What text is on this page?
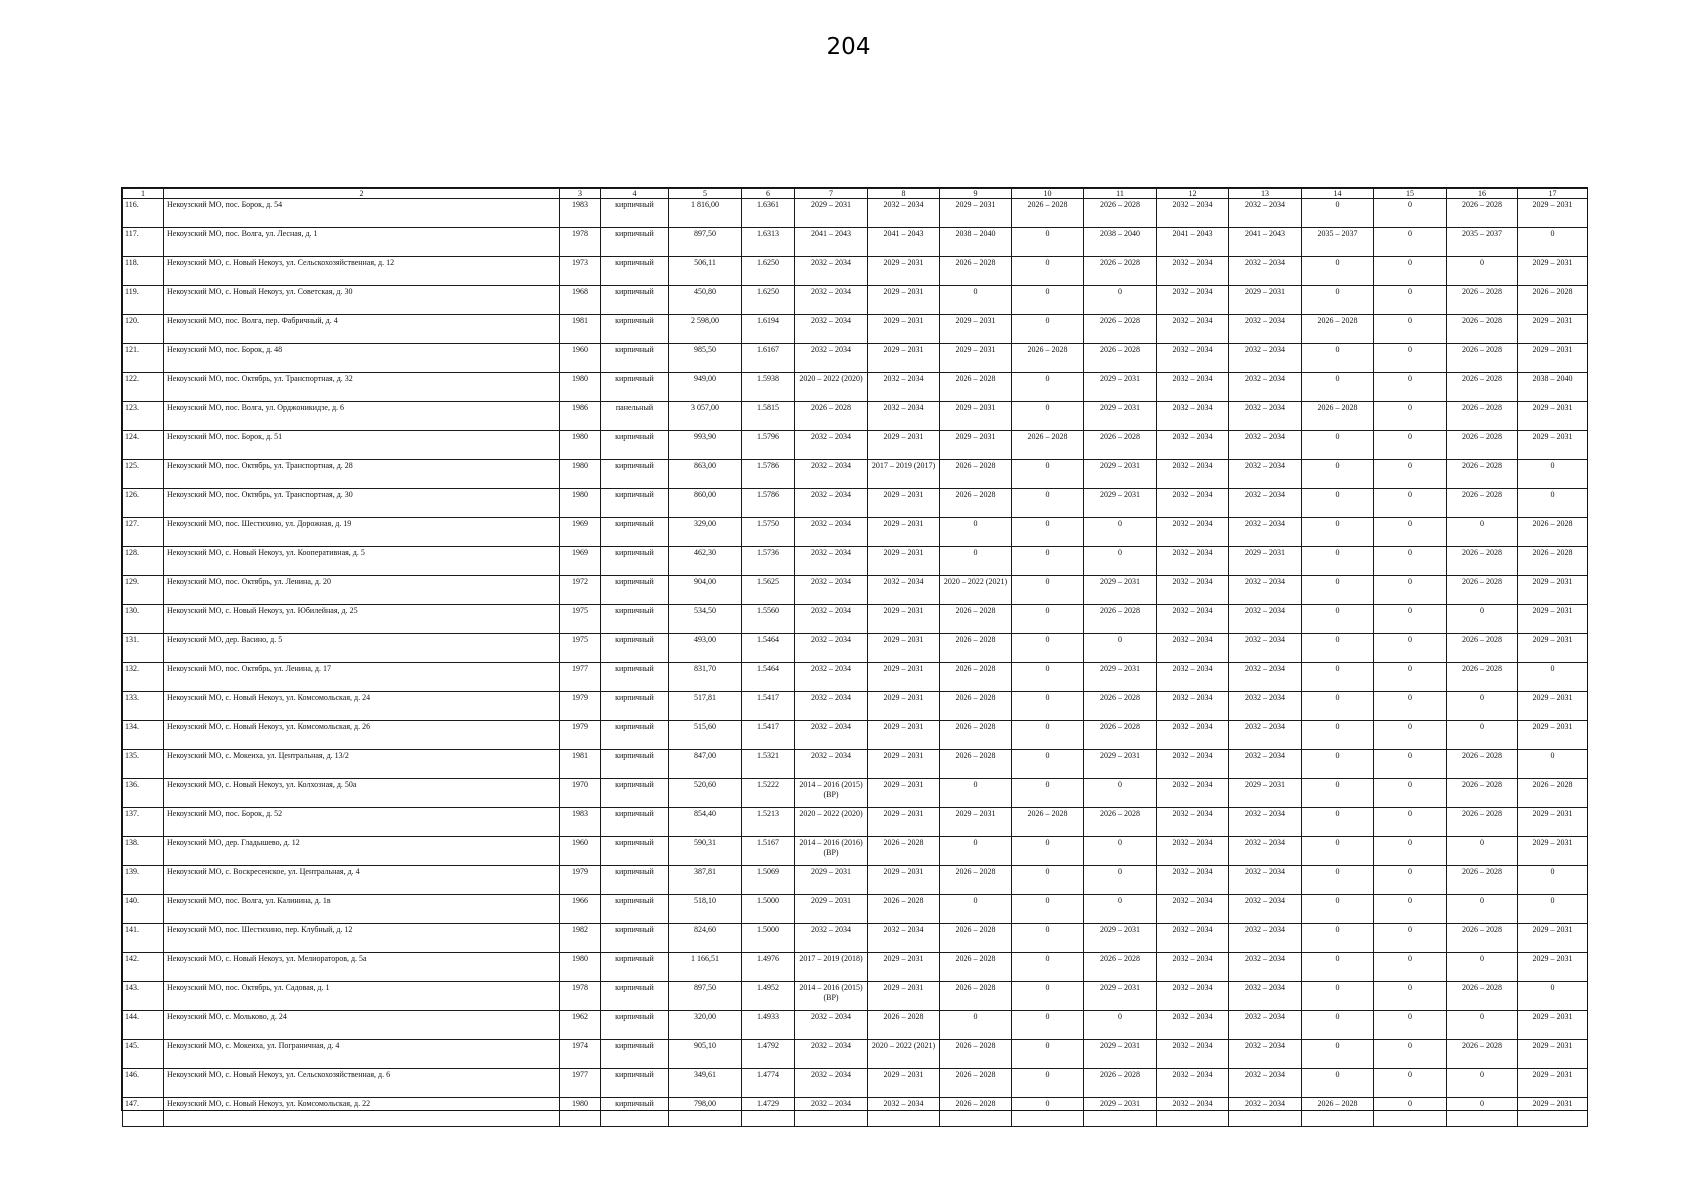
204
1	2	3	4	5	6	7	8	9	10	11	12	13	14	15	16	17
116.	Некоузский МО, пос. Борок, д. 54	1983	кирпичный	1 816,00	1.6361	2029 – 2031	2032 – 2034	2029 – 2031	2026 – 2028	2026 – 2028	2032 – 2034	2032 – 2034	0	0	2026 – 2028	2029 – 2031
117.	Некоузский МО, пос. Волга, ул. Лесная, д. 1	1978	кирпичный	897,50	1.6313	2041 – 2043	2041 – 2043	2038 – 2040	0	2038 – 2040	2041 – 2043	2041 – 2043	2035 – 2037	0	2035 – 2037	0
118.	Некоузский МО, с. Новый Некоуз, ул. Сельскохозяйственная, д. 12	1973	кирпичный	506,11	1.6250	2032 – 2034	2029 – 2031	2026 – 2028	0	2026 – 2028	2032 – 2034	2032 – 2034	0	0	0	2029 – 2031
119.	Некоузский МО, с. Новый Некоуз, ул. Советская, д. 30	1968	кирпичный	450,80	1.6250	2032 – 2034	2029 – 2031	0	0	0	2032 – 2034	2029 – 2031	0	0	2026 – 2028	2026 – 2028
120.	Некоузский МО, пос. Волга, пер. Фабричный, д. 4	1981	кирпичный	2 598,00	1.6194	2032 – 2034	2029 – 2031	2029 – 2031	0	2026 – 2028	2032 – 2034	2032 – 2034	2026 – 2028	0	2026 – 2028	2029 – 2031
121.	Некоузский МО, пос. Борок, д. 48	1960	кирпичный	985,50	1.6167	2032 – 2034	2029 – 2031	2029 – 2031	2026 – 2028	2026 – 2028	2032 – 2034	2032 – 2034	0	0	2026 – 2028	2029 – 2031
122.	Некоузский МО, пос. Октябрь, ул. Транспортная, д. 32	1980	кирпичный	949,00	1.5938	2020 – 2022 (2020)	2032 – 2034	2026 – 2028	0	2029 – 2031	2032 – 2034	2032 – 2034	0	0	2026 – 2028	2038 – 2040
123.	Некоузский МО, пос. Волга, ул. Орджоникидзе, д. 6	1986	панельный	3 057,00	1.5815	2026 – 2028	2032 – 2034	2029 – 2031	0	2029 – 2031	2032 – 2034	2032 – 2034	2026 – 2028	0	2026 – 2028	2029 – 2031
124.	Некоузский МО, пос. Борок, д. 51	1980	кирпичный	993,90	1.5796	2032 – 2034	2029 – 2031	2029 – 2031	2026 – 2028	2026 – 2028	2032 – 2034	2032 – 2034	0	0	2026 – 2028	2029 – 2031
125.	Некоузский МО, пос. Октябрь, ул. Транспортная, д. 28	1980	кирпичный	863,00	1.5786	2032 – 2034	2017 – 2019 (2017)	2026 – 2028	0	2029 – 2031	2032 – 2034	2032 – 2034	0	0	2026 – 2028	0
126.	Некоузский МО, пос. Октябрь, ул. Транспортная, д. 30	1980	кирпичный	860,00	1.5786	2032 – 2034	2029 – 2031	2026 – 2028	0	2029 – 2031	2032 – 2034	2032 – 2034	0	0	2026 – 2028	0
127.	Некоузский МО, пос. Шестихино, ул. Дорожная, д. 19	1969	кирпичный	329,00	1.5750	2032 – 2034	2029 – 2031	0	0	0	2032 – 2034	2032 – 2034	0	0	0	2026 – 2028
128.	Некоузский МО, с. Новый Некоуз, ул. Кооперативная, д. 5	1969	кирпичный	462,30	1.5736	2032 – 2034	2029 – 2031	0	0	0	2032 – 2034	2029 – 2031	0	0	2026 – 2028	2026 – 2028
129.	Некоузский МО, пос. Октябрь, ул. Ленина, д. 20	1972	кирпичный	904,00	1.5625	2032 – 2034	2032 – 2034	2020 – 2022 (2021)	0	2029 – 2031	2032 – 2034	2032 – 2034	0	0	2026 – 2028	2029 – 2031
130.	Некоузский МО, с. Новый Некоуз, ул. Юбилейная, д. 25	1975	кирпичный	534,50	1.5560	2032 – 2034	2029 – 2031	2026 – 2028	0	2026 – 2028	2032 – 2034	2032 – 2034	0	0	0	2029 – 2031
131.	Некоузский МО, дер. Васино, д. 5	1975	кирпичный	493,00	1.5464	2032 – 2034	2029 – 2031	2026 – 2028	0	0	2032 – 2034	2032 – 2034	0	0	2026 – 2028	2029 – 2031
132.	Некоузский МО, пос. Октябрь, ул. Ленина, д. 17	1977	кирпичный	831,70	1.5464	2032 – 2034	2029 – 2031	2026 – 2028	0	2029 – 2031	2032 – 2034	2032 – 2034	0	0	2026 – 2028	0
133.	Некоузский МО, с. Новый Некоуз, ул. Комсомольская, д. 24	1979	кирпичный	517,81	1.5417	2032 – 2034	2029 – 2031	2026 – 2028	0	2026 – 2028	2032 – 2034	2032 – 2034	0	0	0	2029 – 2031
134.	Некоузский МО, с. Новый Некоуз, ул. Комсомольская, д. 26	1979	кирпичный	515,60	1.5417	2032 – 2034	2029 – 2031	2026 – 2028	0	2026 – 2028	2032 – 2034	2032 – 2034	0	0	0	2029 – 2031
135.	Некоузский МО, с. Мокеиха, ул. Центральная, д. 13/2	1981	кирпичный	847,00	1.5321	2032 – 2034	2029 – 2031	2026 – 2028	0	2029 – 2031	2032 – 2034	2032 – 2034	0	0	2026 – 2028	0
136.	Некоузский МО, с. Новый Некоуз, ул. Колхозная, д. 50а	1970	кирпичный	520,60	1.5222	2014 – 2016 (2015) (ВР)	2029 – 2031	0	0	0	2032 – 2034	2029 – 2031	0	0	2026 – 2028	2026 – 2028
137.	Некоузский МО, пос. Борок, д. 52	1983	кирпичный	854,40	1.5213	2020 – 2022 (2020)	2029 – 2031	2029 – 2031	2026 – 2028	2026 – 2028	2032 – 2034	2032 – 2034	0	0	2026 – 2028	2029 – 2031
138.	Некоузский МО, дер. Гладышево, д. 12	1960	кирпичный	590,31	1.5167	2014 – 2016 (2016) (ВР)	2026 – 2028	0	0	0	2032 – 2034	2032 – 2034	0	0	0	2029 – 2031
139.	Некоузский МО, с. Воскресенское, ул. Центральная, д. 4	1979	кирпичный	387,81	1.5069	2029 – 2031	2029 – 2031	2026 – 2028	0	0	2032 – 2034	2032 – 2034	0	0	2026 – 2028	0
140.	Некоузский МО, пос. Волга, ул. Калинина, д. 1в	1966	кирпичный	518,10	1.5000	2029 – 2031	2026 – 2028	0	0	0	2032 – 2034	2032 – 2034	0	0	0	0
141.	Некоузский МО, пос. Шестихино, пер. Клубный, д. 12	1982	кирпичный	824,60	1.5000	2032 – 2034	2032 – 2034	2026 – 2028	0	2029 – 2031	2032 – 2034	2032 – 2034	0	0	2026 – 2028	2029 – 2031
142.	Некоузский МО, с. Новый Некоуз, ул. Мелиораторов, д. 5а	1980	кирпичный	1 166,51	1.4976	2017 – 2019 (2018)	2029 – 2031	2026 – 2028	0	2026 – 2028	2032 – 2034	2032 – 2034	0	0	0	2029 – 2031
143.	Некоузский МО, пос. Октябрь, ул. Садовая, д. 1	1978	кирпичный	897,50	1.4952	2014 – 2016 (2015) (ВР)	2029 – 2031	2026 – 2028	0	2029 – 2031	2032 – 2034	2032 – 2034	0	0	2026 – 2028	0
144.	Некоузский МО, с. Мольково, д. 24	1962	кирпичный	320,00	1.4933	2032 – 2034	2026 – 2028	0	0	0	2032 – 2034	2032 – 2034	0	0	0	2029 – 2031
145.	Некоузский МО, с. Мокеиха, ул. Пограничная, д. 4	1974	кирпичный	905,10	1.4792	2032 – 2034	2020 – 2022 (2021)	2026 – 2028	0	2029 – 2031	2032 – 2034	2032 – 2034	0	0	2026 – 2028	2029 – 2031
146.	Некоузский МО, с. Новый Некоуз, ул. Сельскохозяйственная, д. 6	1977	кирпичный	349,61	1.4774	2032 – 2034	2029 – 2031	2026 – 2028	0	2026 – 2028	2032 – 2034	2032 – 2034	0	0	0	2029 – 2031
147.	Некоузский МО, с. Новый Некоуз, ул. Комсомольская, д. 22	1980	кирпичный	798,00	1.4729	2032 – 2034	2032 – 2034	2026 – 2028	0	2029 – 2031	2032 – 2034	2032 – 2034	2026 – 2028	0	0	2029 – 2031
